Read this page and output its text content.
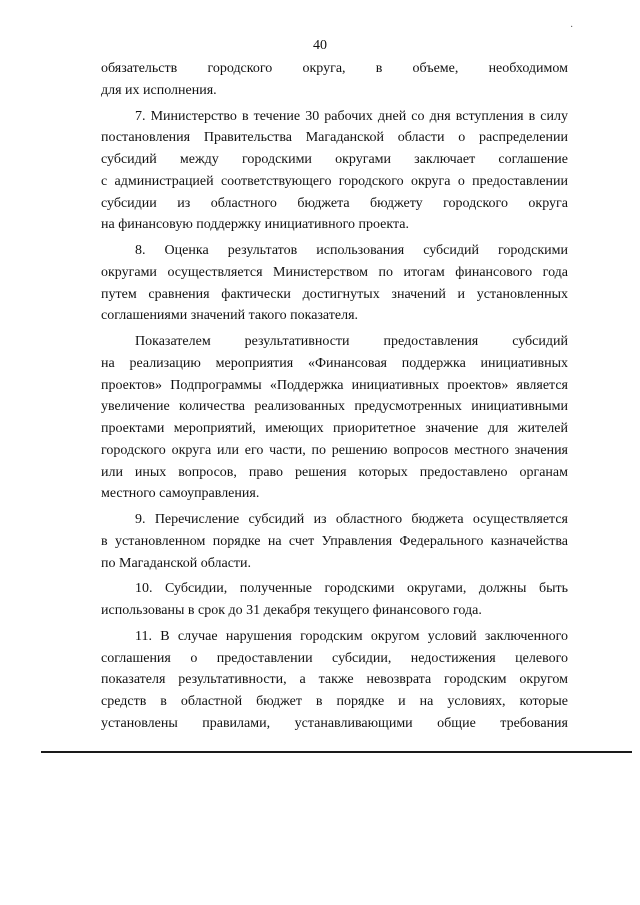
·
40
обязательств городского округа, в объеме, необходимом
для их исполнения.
7. Министерство в течение 30 рабочих дней со дня вступления в силу
постановления Правительства Магаданской области о распределении
субсидий между городскими округами заключает соглашение
с администрацией соответствующего городского округа о предоставлении
субсидии из областного бюджета бюджету городского округа
на финансовую поддержку инициативного проекта.
8. Оценка результатов использования субсидий городскими
округами осуществляется Министерством по итогам финансового года
путем сравнения фактически достигнутых значений и установленных
соглашениями значений такого показателя.
Показателем результативности предоставления субсидий
на реализацию мероприятия «Финансовая поддержка инициативных
проектов» Подпрограммы «Поддержка инициативных проектов» является
увеличение количества реализованных предусмотренных инициативными
проектами мероприятий, имеющих приоритетное значение для жителей
городского округа или его части, по решению вопросов местного значения
или иных вопросов, право решения которых предоставлено органам
местного самоуправления.
9. Перечисление субсидий из областного бюджета осуществляется
в установленном порядке на счет Управления Федерального казначейства
по Магаданской области.
10. Субсидии, полученные городскими округами, должны быть
использованы в срок до 31 декабря текущего финансового года.
11. В случае нарушения городским округом условий заключенного
соглашения о предоставлении субсидии, недостижения целевого
показателя результативности, а также невозврата городским округом
средств в областной бюджет в порядке и на условиях, которые
установлены правилами, устанавливающими общие требования
